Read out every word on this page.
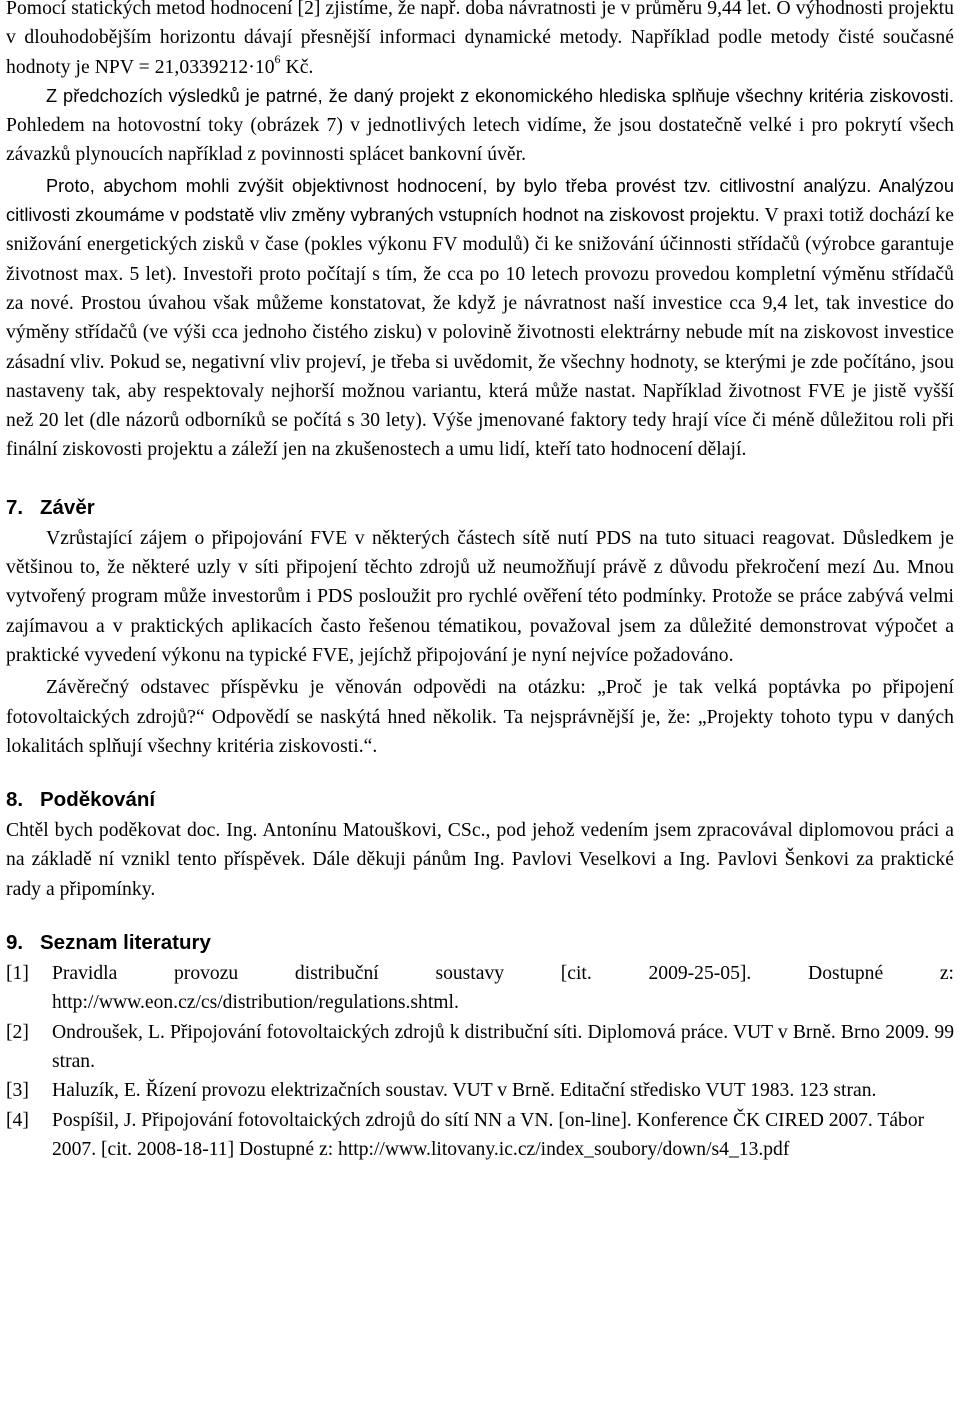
Pomocí statických metod hodnocení [2] zjistíme, že např. doba návratnosti je v průměru 9,44 let. O výhodnosti projektu v dlouhodobějším horizontu dávají přesnější informaci dynamické metody. Například podle metody čisté současné hodnoty je NPV = $21,0339212\cdot 10^6$ Kč.

Z předchozích výsledků je patrné, že daný projekt z ekonomického hlediska splňuje všechny kritéria ziskovosti. Pohledem na hotovostní toky (obrázek 7) v jednotlivých letech vidíme, že jsou dostatečně velké i pro pokrytí všech závazků plynoucích například z povinnosti splácet bankovní úvěr.

Proto, abychom mohli zvýšit objektivnost hodnocení, by bylo třeba provést tzv. citlivostní analýzu. Analýzou citlivosti zkoumáme v podstatě vliv změny vybraných vstupních hodnot na ziskovost projektu. V praxi totiž dochází ke snižování energetických zisků v čase (pokles výkonu FV modulů) či ke snižování účinnosti střídačů (výrobce garantuje životnost max. 5 let). Investoři proto počítají s tím, že cca po 10 letech provozu provedou kompletní výměnu střídačů za nové. Prostou úvahou však můžeme konstatovat, že když je návratnost naší investice cca 9,4 let, tak investice do výměny střídačů (ve výši cca jednoho čistého zisku) v polovině životnosti elektrárny nebude mít na ziskovost investice zásadní vliv. Pokud se, negativní vliv projeví, je třeba si uvědomit, že všechny hodnoty, se kterými je zde počítáno, jsou nastaveny tak, aby respektovaly nejhorší možnou variantu, která může nastat. Například životnost FVE je jistě vyšší než 20 let (dle názorů odborníků se počítá s 30 lety). Výše jmenované faktory tedy hrají více či méně důležitou roli při finální ziskovosti projektu a záleží jen na zkušenostech a umu lidí, kteří tato hodnocení dělají.

7. Závěr

Vzrůstající zájem o připojování FVE v některých částech sítě nutí PDS na tuto situaci reagovat. Důsledkem je většinou to, že některé uzly v síti připojení těchto zdrojů už neumožňují právě z důvodu překročení mezí Δu. Mnou vytvořený program může investorům i PDS posloužit pro rychlé ověření této podmínky. Protože se práce zabývá velmi zajímavou a v praktických aplikacích často řešenou tématikou, považoval jsem za důležité demonstrovat výpočet a praktické vyvedení výkonu na typické FVE, jejíchž připojování je nyní nejvíce požadováno.

Závěrečný odstavec příspěvku je věnován odpovědi na otázku: „Proč je tak velká poptávka po připojení fotovoltaických zdrojů?“ Odpovědí se naskýtá hned několik. Ta nejsprávnější je, že: „Projekty tohoto typu v daných lokalitách splňují všechny kritéria ziskovosti.“.

8. Poděkování

Chtěl bych poděkovat doc. Ing. Antonínu Matouškovi, CSc., pod jehož vedením jsem zpracovával diplomovou práci a na základě ní vznikl tento příspěvek. Dále děkuji pánům Ing. Pavlovi Veselkovi a Ing. Pavlovi Šenkovi za praktické rady a připomínky.

9. Seznam literatury
[1]	Pravidla provozu distribuční soustavy [cit. 2009-25-05]. Dostupné z: http://www.eon.cz/cs/distribution/regulations.shtml.
[2]	Ondroušek, L. Připojování fotovoltaických zdrojů k distribuční síti. Diplomová práce. VUT v Brně. Brno 2009. 99 stran.
[3]	Haluzík, E. Řízení provozu elektrizačních soustav. VUT v Brně. Editační středisko VUT 1983. 123 stran.
[4]	Pospíšil, J. Připojování fotovoltaických zdrojů do sítí NN a VN. [on-line]. Konference ČK CIRED 2007. Tábor 2007. [cit. 2008-18-11] Dostupné z: http://www.litovany.ic.cz/index_soubory/down/s4_13.pdf
